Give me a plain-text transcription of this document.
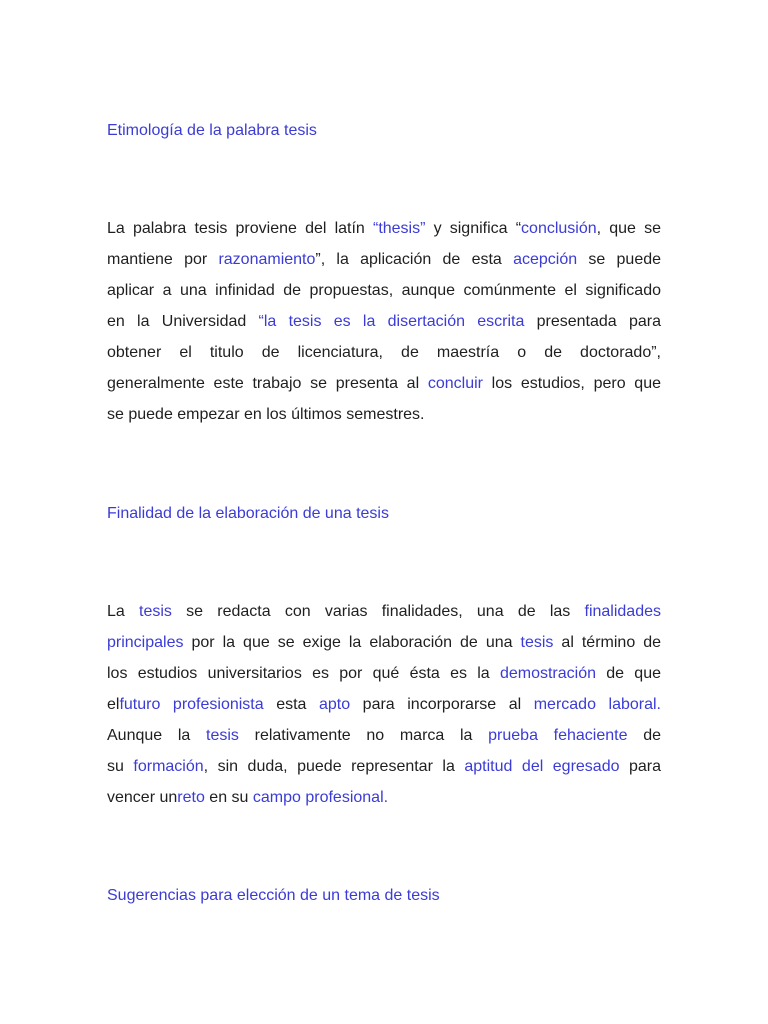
Etimología de la palabra tesis
La palabra tesis proviene del latín “thesis” y significa “conclusión, que se
mantiene por razonamiento”, la aplicación de esta acepción se puede
aplicar a una infinidad de propuestas, aunque comúnmente el significado
en la Universidad “la tesis es la disertación escrita presentada para
obtener el titulo de licenciatura, de maestría o de doctorado”,
generalmente este trabajo se presenta al concluir los estudios, pero que
se puede empezar en los últimos semestres.
Finalidad de la elaboración de una tesis
La tesis se redacta con varias finalidades, una de las finalidades
principales por la que se exige la elaboración de una tesis al término de
los estudios universitarios es por qué ésta es la demostración de que
elfuturo profesionista esta apto para incorporarse al mercado laboral.
Aunque la tesis relativamente no marca la prueba fehaciente de
su formación, sin duda, puede representar la aptitud del egresado para
vencer unreto en su campo profesional.
Sugerencias para elección de un tema de tesis
